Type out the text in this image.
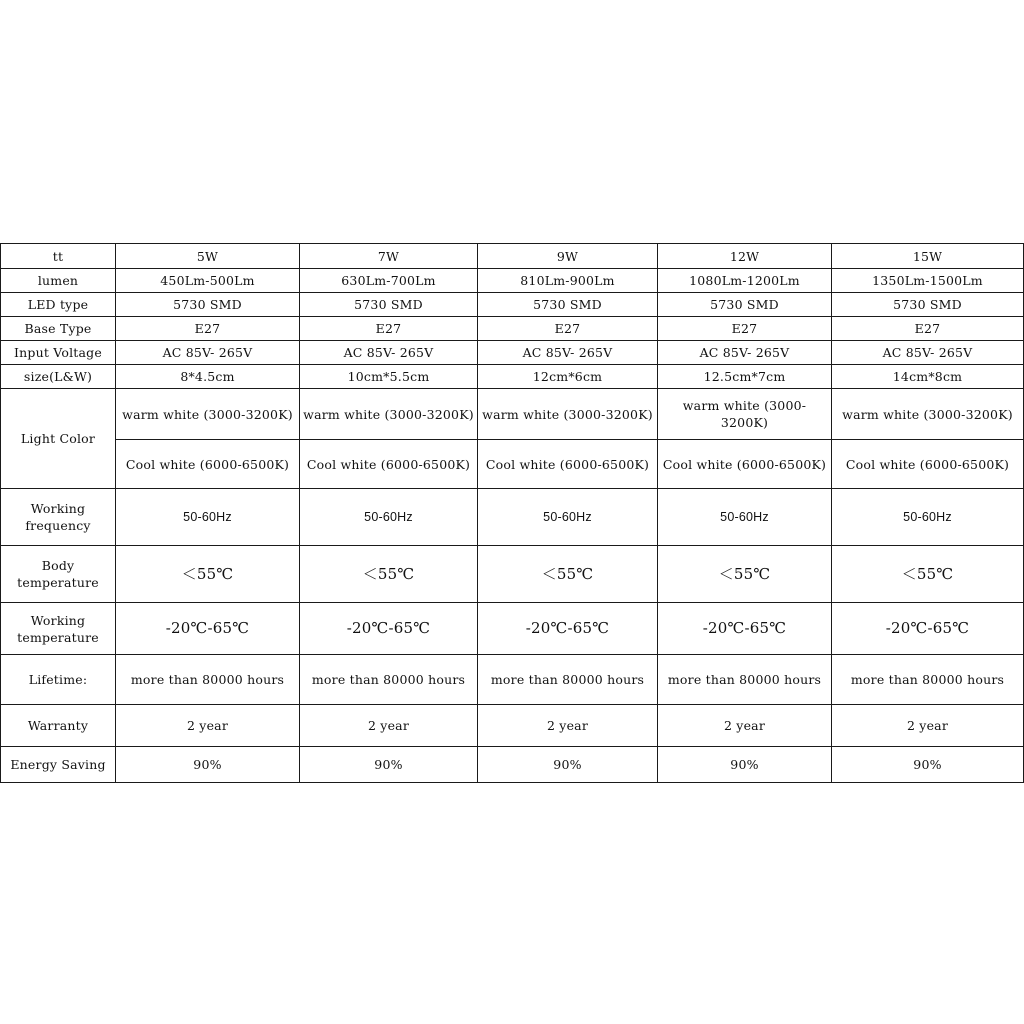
tt	5W	7W	9W	12W	15W
lumen	450Lm-500Lm	630Lm-700Lm	810Lm-900Lm	1080Lm-1200Lm	1350Lm-1500Lm
LED type	5730 SMD	5730 SMD	5730 SMD	5730 SMD	5730 SMD
Base Type	E27	E27	E27	E27	E27
Input Voltage	AC 85V- 265V	AC 85V- 265V	AC 85V- 265V	AC 85V- 265V	AC 85V- 265V
size(L&W)	8*4.5cm	10cm*5.5cm	12cm*6cm	12.5cm*7cm	14cm*8cm
Light Color	warm white (3000-3200K)	warm white (3000-3200K)	warm white (3000-3200K)	warm white (3000-3200K)	warm white (3000-3200K)
	Cool white (6000-6500K)	Cool white (6000-6500K)	Cool white (6000-6500K)	Cool white (6000-6500K)	Cool white (6000-6500K)
Working
frequency	50-60Hz	50-60Hz	50-60Hz	50-60Hz	50-60Hz
Body
temperature	＜55℃	＜55℃	＜55℃	＜55℃	＜55℃
Working
temperature	-20℃-65℃	-20℃-65℃	-20℃-65℃	-20℃-65℃	-20℃-65℃
Lifetime:	more than 80000 hours	more than 80000 hours	more than 80000 hours	more than 80000 hours	more than 80000 hours
Warranty	2 year	2 year	2 year	2 year	2 year
Energy Saving	90%	90%	90%	90%	90%
